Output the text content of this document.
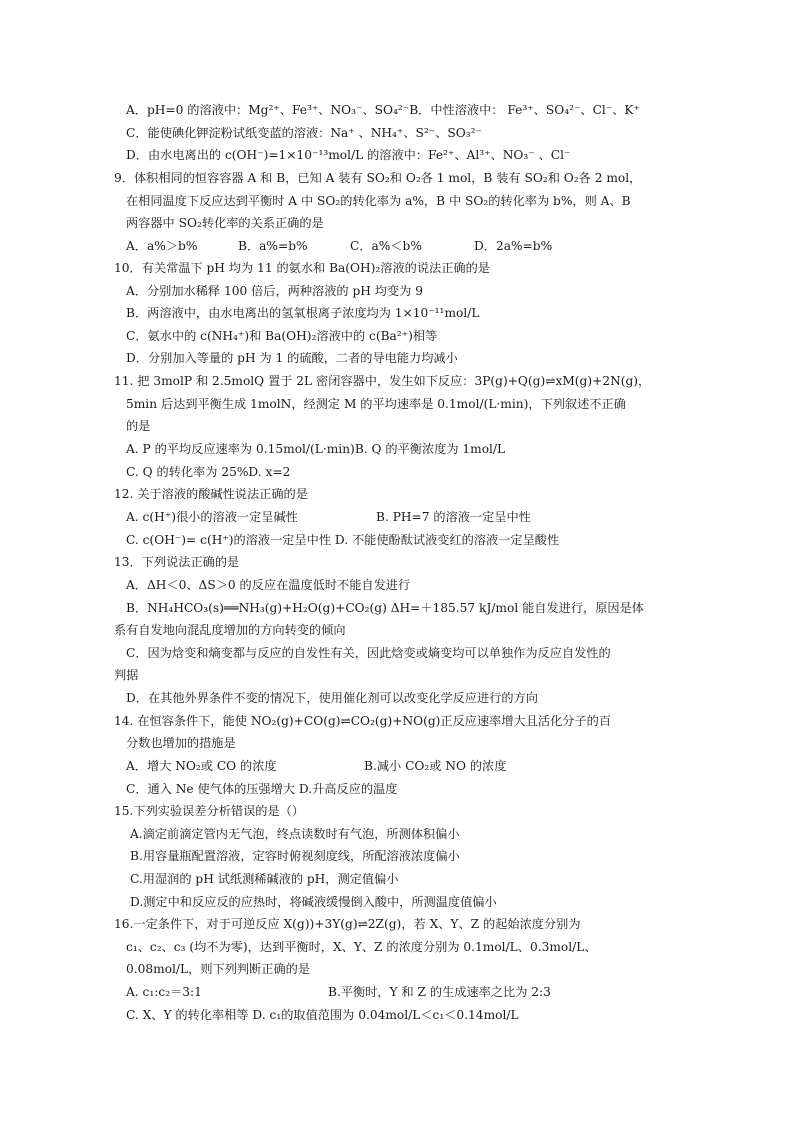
A．pH=0 的溶液中：Mg²⁺、Fe³⁺、NO₃⁻、SO₄²⁻B．中性溶液中： Fe³⁺、SO₄²⁻、Cl⁻、K⁺
C．能使碘化钾淀粉试纸变蓝的溶液：Na⁺ 、NH₄⁺、S²⁻、SO₃²⁻
D．由水电离出的 c(OH⁻)=1×10⁻¹³mol/L 的溶液中：Fe²⁺、Al³⁺、NO₃⁻ 、Cl⁻
9．体积相同的恒容容器 A 和 B，已知 A 装有 SO₂和 O₂各 1 mol，B 装有 SO₂和 O₂各 2 mol，
在相同温度下反应达到平衡时 A 中 SO₂的转化率为 a%，B 中 SO₂的转化率为 b%，则 A、B
两容器中 SO₂转化率的关系正确的是
A．a%＞b%	B．a%=b%	C．a%＜b%	D．2a%=b%
10．有关常温下 pH 均为 11 的氨水和 Ba(OH)₂溶液的说法正确的是
A．分别加水稀释 100 倍后，两种溶液的 pH 均变为 9
B．两溶液中，由水电离出的氢氧根离子浓度均为 1×10⁻¹¹mol/L
C．氨水中的 c(NH₄⁺)和 Ba(OH)₂溶液中的 c(Ba²⁺)相等
D．分别加入等量的 pH 为 1 的硫酸，二者的导电能力均减小
11. 把 3molP 和 2.5molQ 置于 2L 密闭容器中，发生如下反应：3P(g)+Q(g)⇌xM(g)+2N(g)，
5min 后达到平衡生成 1molN，经测定 M 的平均速率是 0.1mol/(L·min)，下列叙述不正确
的是
A. P 的平均反应速率为 0.15mol/(L·min)B. Q 的平衡浓度为 1mol/L
C. Q 的转化率为 25%D. x=2
12. 关于溶液的酸碱性说法正确的是
A. c(H⁺)很小的溶液一定呈碱性	B. PH=7 的溶液一定呈中性
C. c(OH⁻)= c(H⁺)的溶液一定呈中性 D. 不能使酚酞试液变红的溶液一定呈酸性
13．下列说法正确的是
A．ΔH＜0、ΔS＞0 的反应在温度低时不能自发进行
B．NH₄HCO₃(s)══NH₃(g)+H₂O(g)+CO₂(g) ΔH=＋185.57 kJ/mol 能自发进行，原因是体
系有自发地向混乱度增加的方向转变的倾向
C．因为焓变和熵变都与反应的自发性有关，因此焓变或熵变均可以单独作为反应自发性的
判据
D．在其他外界条件不变的情况下，使用催化剂可以改变化学反应进行的方向
14. 在恒容条件下，能使 NO₂(g)+CO(g)⇌CO₂(g)+NO(g)正反应速率增大且活化分子的百
分数也增加的措施是
A．增大 NO₂或 CO 的浓度	B.减小 CO₂或 NO 的浓度
C．通入 Ne 使气体的压强增大 D.升高反应的温度
15.下列实验误差分析错误的是（）
A.滴定前滴定管内无气泡，终点读数时有气泡，所测体积偏小
B.用容量瓶配置溶液，定容时俯视刻度线，所配溶液浓度偏小
C.用湿润的 pH 试纸测稀碱液的 pH，测定值偏小
D.测定中和反应反的应热时，将碱液缓慢倒入酸中，所测温度值偏小
16.一定条件下，对于可逆反应 X(g))+3Y(g)⇌2Z(g)，若 X、Y、Z 的起始浓度分别为
c₁、c₂、c₃ (均不为零)，达到平衡时，X、Y、Z 的浓度分别为 0.1mol/L、0.3mol/L、
0.08mol/L，则下列判断正确的是
A. c₁:c₂＝3:1	B.平衡时，Y 和 Z 的生成速率之比为 2:3
C. X、Y 的转化率相等 D. c₁的取值范围为 0.04mol/L＜c₁＜0.14mol/L
